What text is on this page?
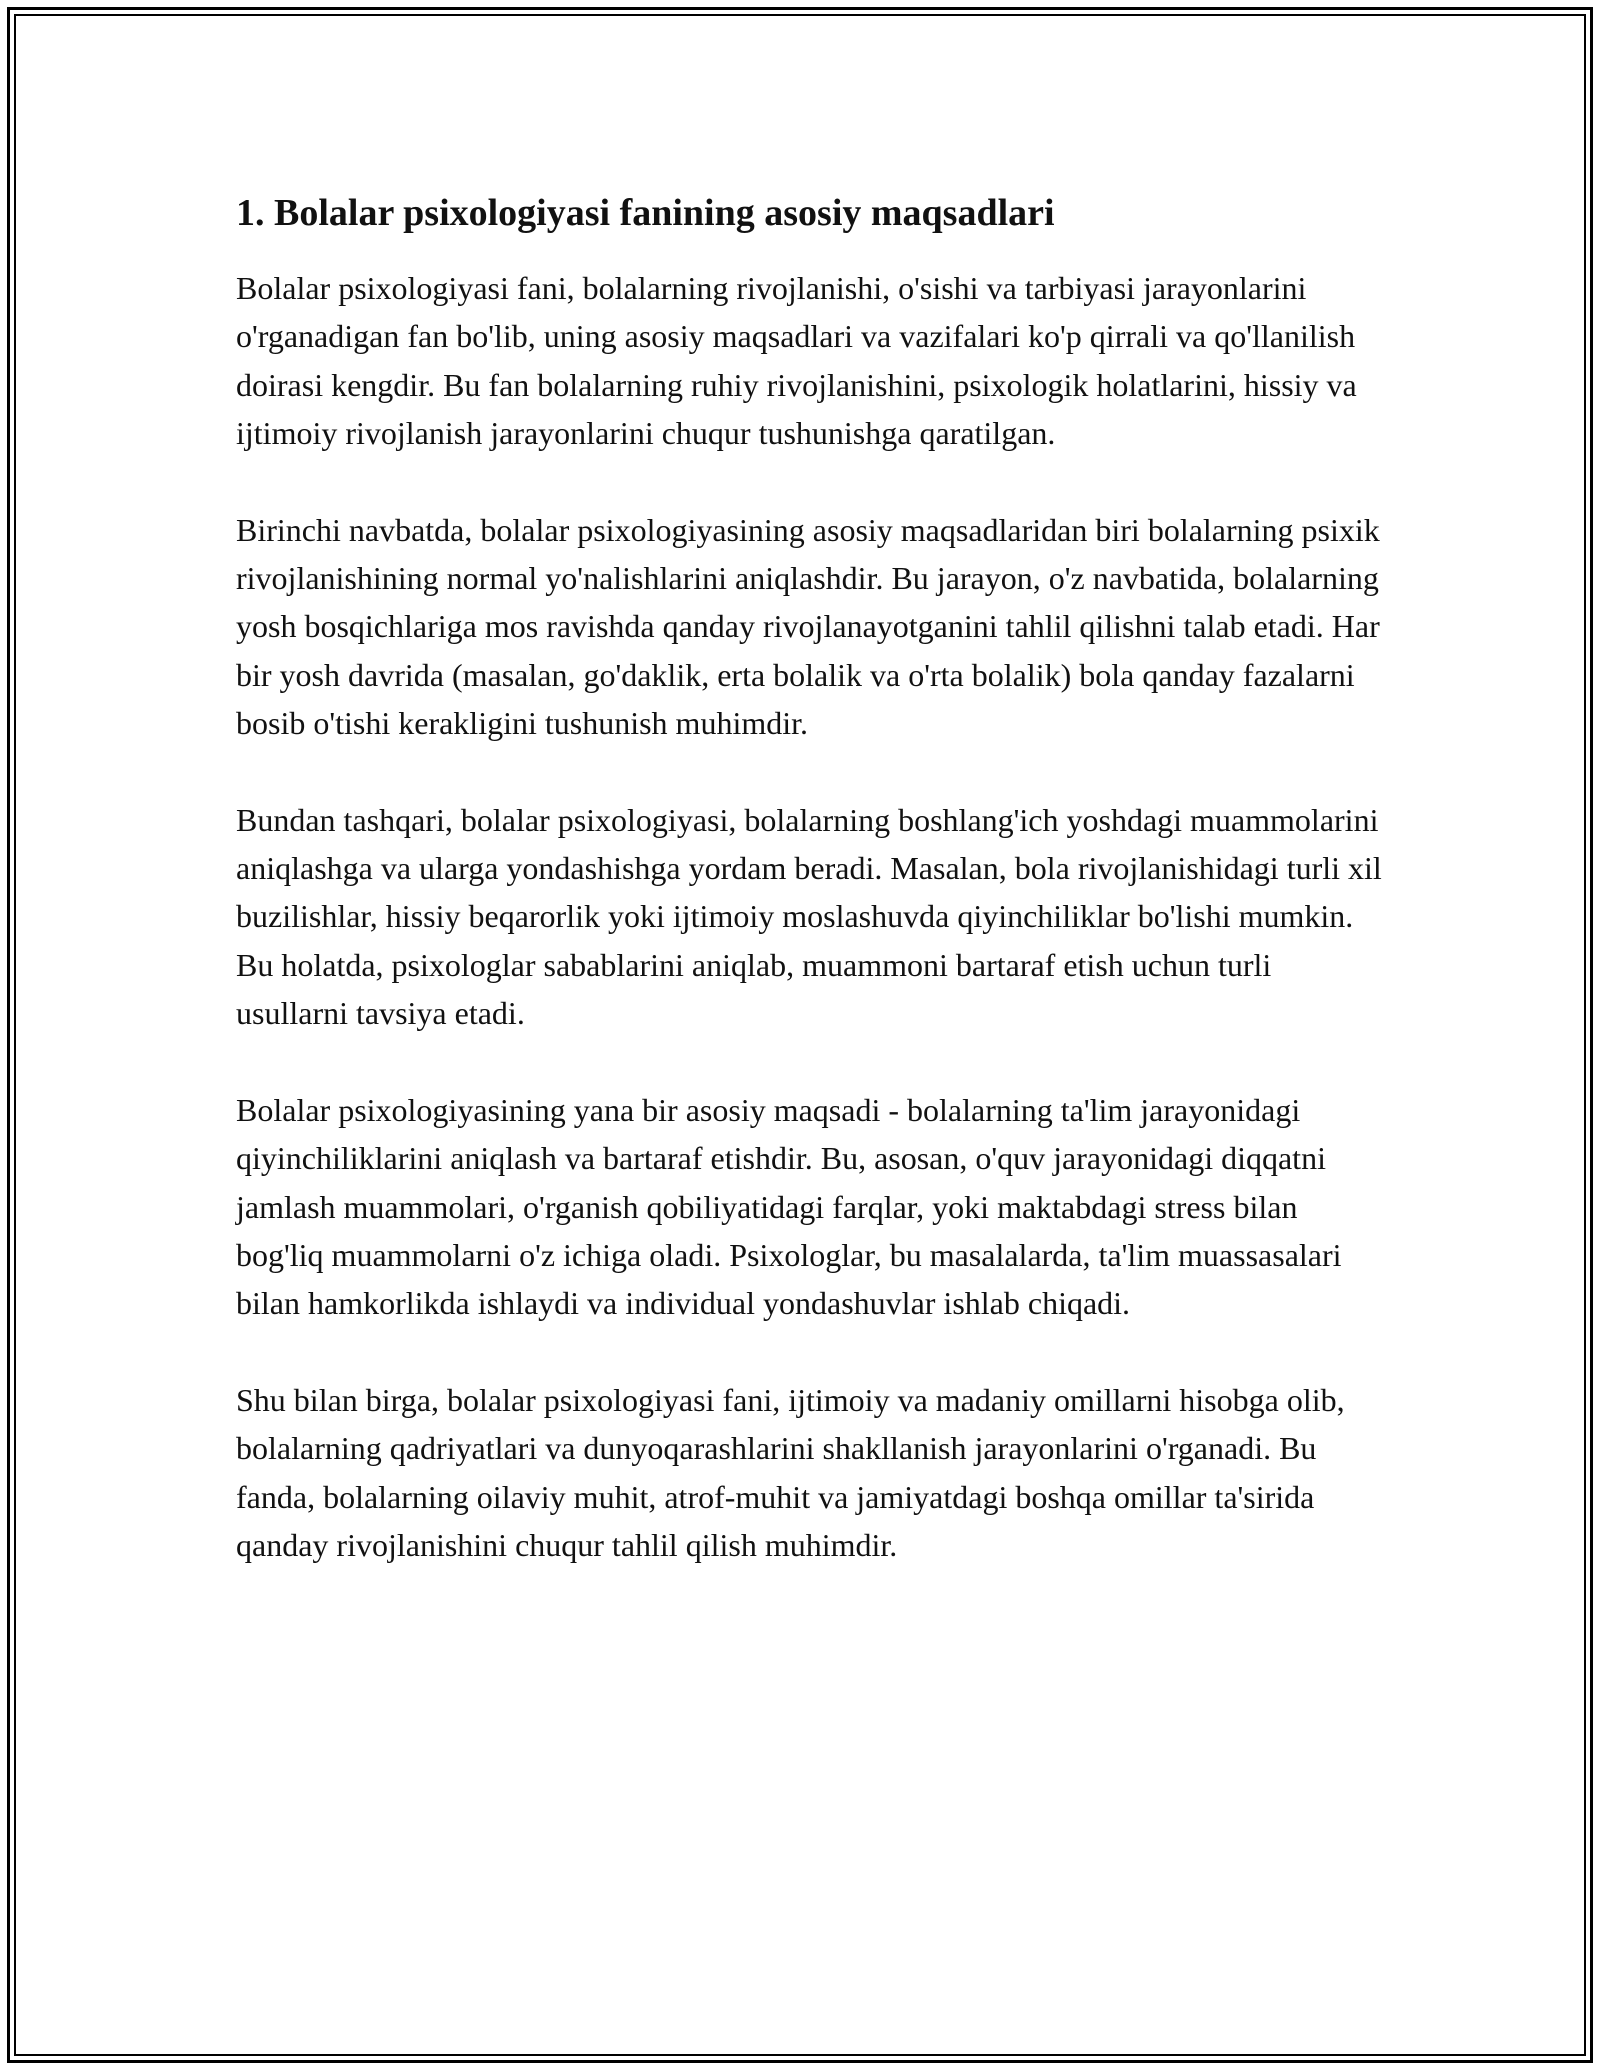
1. Bolalar psixologiyasi fanining asosiy maqsadlari

Bolalar psixologiyasi fani, bolalarning rivojlanishi, o'sishi va tarbiyasi jarayonlarini o'rganadigan fan bo'lib, uning asosiy maqsadlari va vazifalari ko'p qirrali va qo'llanilish doirasi kengdir. Bu fan bolalarning ruhiy rivojlanishini, psixologik holatlarini, hissiy va ijtimoiy rivojlanish jarayonlarini chuqur tushunishga qaratilgan.

Birinchi navbatda, bolalar psixologiyasining asosiy maqsadlaridan biri bolalarning psixik rivojlanishining normal yo'nalishlarini aniqlashdir. Bu jarayon, o'z navbatida, bolalarning yosh bosqichlariga mos ravishda qanday rivojlanayotganini tahlil qilishni talab etadi. Har bir yosh davrida (masalan, go'daklik, erta bolalik va o'rta bolalik) bola qanday fazalarni bosib o'tishi kerakligini tushunish muhimdir.

Bundan tashqari, bolalar psixologiyasi, bolalarning boshlang'ich yoshdagi muammolarini aniqlashga va ularga yondashishga yordam beradi. Masalan, bola rivojlanishidagi turli xil buzilishlar, hissiy beqarorlik yoki ijtimoiy moslashuvda qiyinchiliklar bo'lishi mumkin. Bu holatda, psixologlar sabablarini aniqlab, muammoni bartaraf etish uchun turli usullarni tavsiya etadi.

Bolalar psixologiyasining yana bir asosiy maqsadi - bolalarning ta'lim jarayonidagi qiyinchiliklarini aniqlash va bartaraf etishdir. Bu, asosan, o'quv jarayonidagi diqqatni jamlash muammolari, o'rganish qobiliyatidagi farqlar, yoki maktabdagi stress bilan bog'liq muammolarni o'z ichiga oladi. Psixologlar, bu masalalarda, ta'lim muassasalari bilan hamkorlikda ishlaydi va individual yondashuvlar ishlab chiqadi.

Shu bilan birga, bolalar psixologiyasi fani, ijtimoiy va madaniy omillarni hisobga olib, bolalarning qadriyatlari va dunyoqarashlarini shakllanish jarayonlarini o'rganadi. Bu fanda, bolalarning oilaviy muhit, atrof-muhit va jamiyatdagi boshqa omillar ta'sirida qanday rivojlanishini chuqur tahlil qilish muhimdir.
